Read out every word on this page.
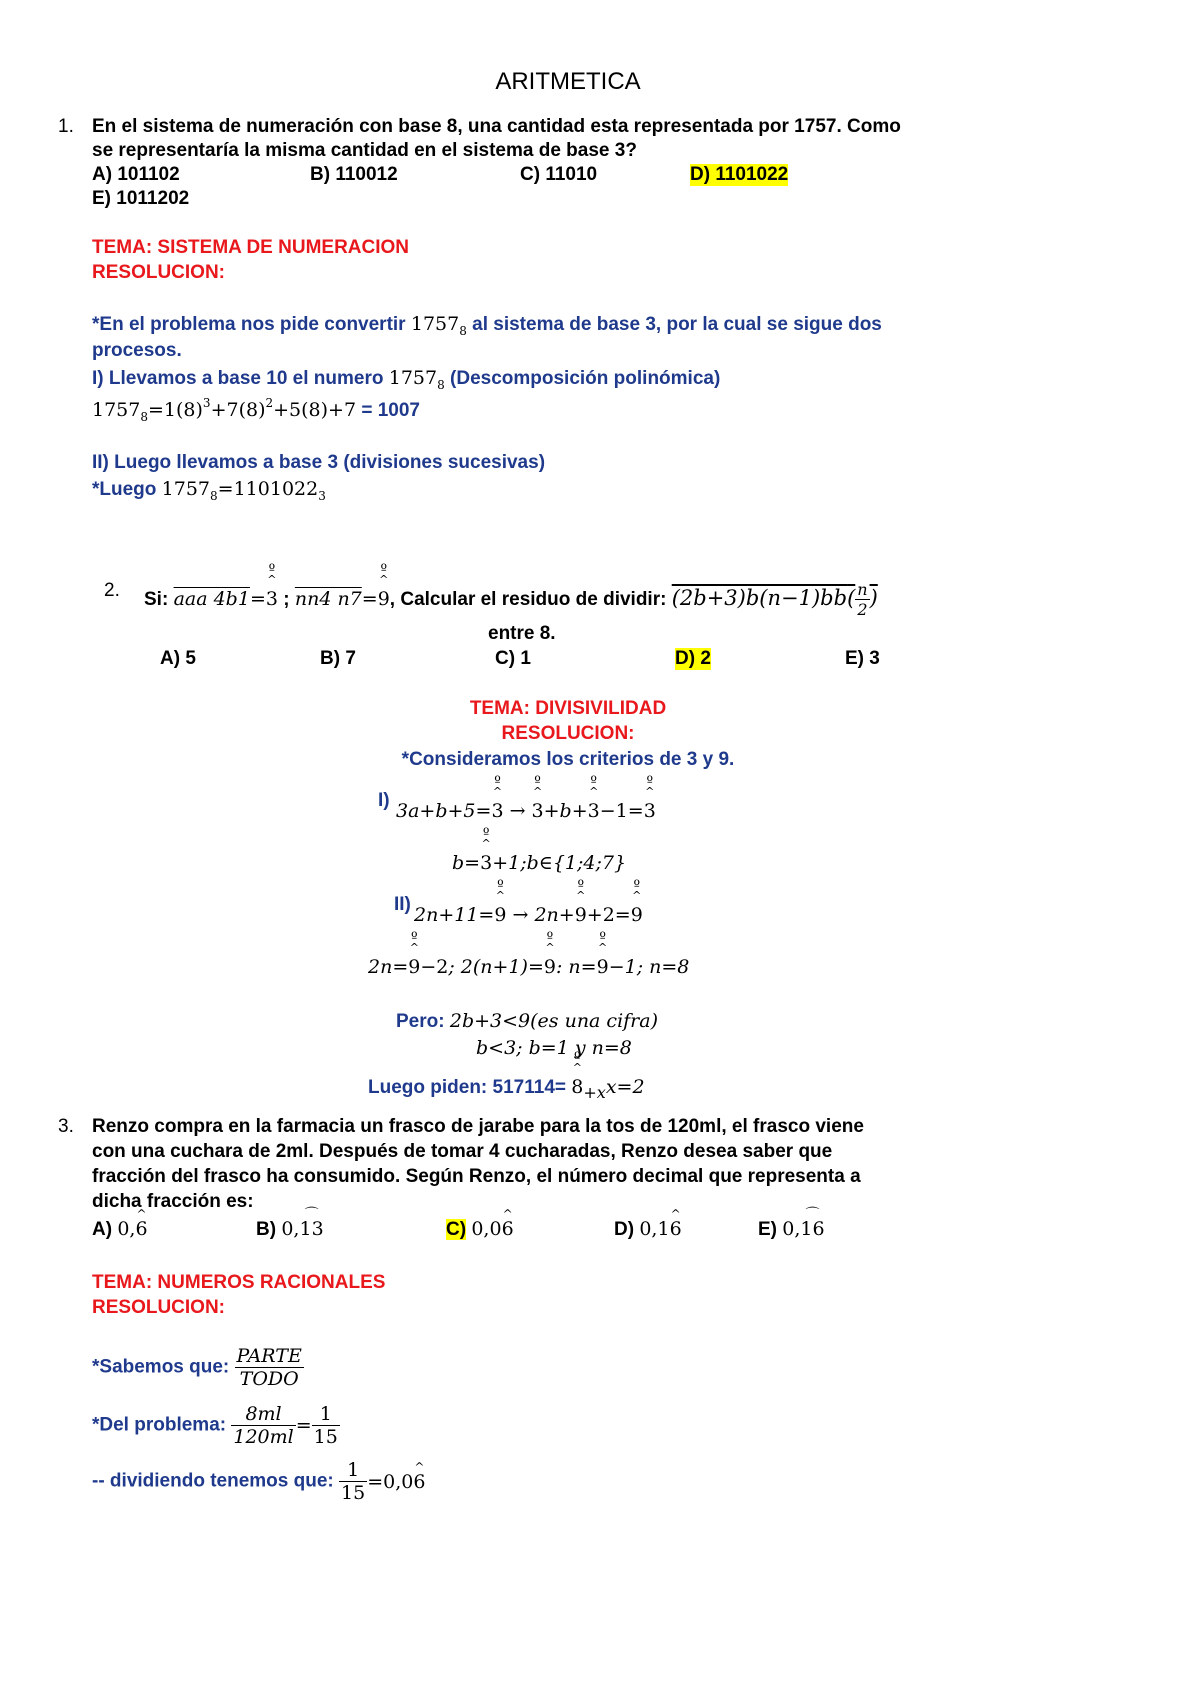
ARITMETICA
1. En el sistema de numeración con base 8, una cantidad esta representada por 1757. Como
se representaría la misma cantidad en el sistema de base 3?
A) 101102	B) 110012	C) 11010	D) 1101022
E) 1011202
TEMA: SISTEMA DE NUMERACION
RESOLUCION:
*En el problema nos pide convertir $1757_8$ al sistema de base 3, por la cual se sigue dos
procesos.
I) Llevamos a base 10 el numero $1757_8$ (Descomposición polinómica)
$1757_8=1(8)^3+7(8)^2+5(8)+7 = 1007$
II) Luego llevamos a base 3 (divisiones sucesivas)
*Luego $1757_8=1101022_3$
2. Si: aaa 4b1=º 3 ^ ; nn4 n7=º 9 ^, Calcular el residuo de dividir: $(2b+3)b(n-1)bb( \frac{n}{2}$ )
entre 8.
A) 5	B) 7	C) 1	D) 2	E) 3
TEMA: DIVISIVILIDAD
RESOLUCION:
*Consideramos los criterios de 3 y 9.
I) 3a+b+5=º 3 ^ → º 3 ^+b+º 3 ^−1=º 3 ^
b=º 3 ^+1;b∈{1;4;7}
II) 2n+11=º 9 ^ → 2n+º 9 ^+2=º 9 ^
2n=º 9 ^−2; 2(n+1)=º 9 ^: n=º 9 ^−1; n=8
Pero: 2b+3<9(es una cifra)
b<3; b=1 y n=8
Luego piden: 517114= º 8 $\^{}_{+x}x=2$
3. Renzo compra en la farmacia un frasco de jarabe para la tos de 120ml, el frasco viene
con una cuchara de 2ml. Después de tomar 4 cucharadas, Renzo desea saber que
fracción del frasco ha consumido. Según Renzo, el número decimal que representa a
dicha fracción es:
A) 0,^ 6	B) 0,⌒ 13	C) 0,0^ 6	D) 0,1^ 6	E) 0,⌒ 16
TEMA: NUMEROS RACIONALES
RESOLUCION:
*Sabemos que: $\frac{\text{PARTE}}{\text{TODO}}$
*Del problema: $\frac{8ml}{120ml} = \frac{1}{15}$
-- dividiendo tenemos que: $\frac{1}{15}$ =0,0^ 6
